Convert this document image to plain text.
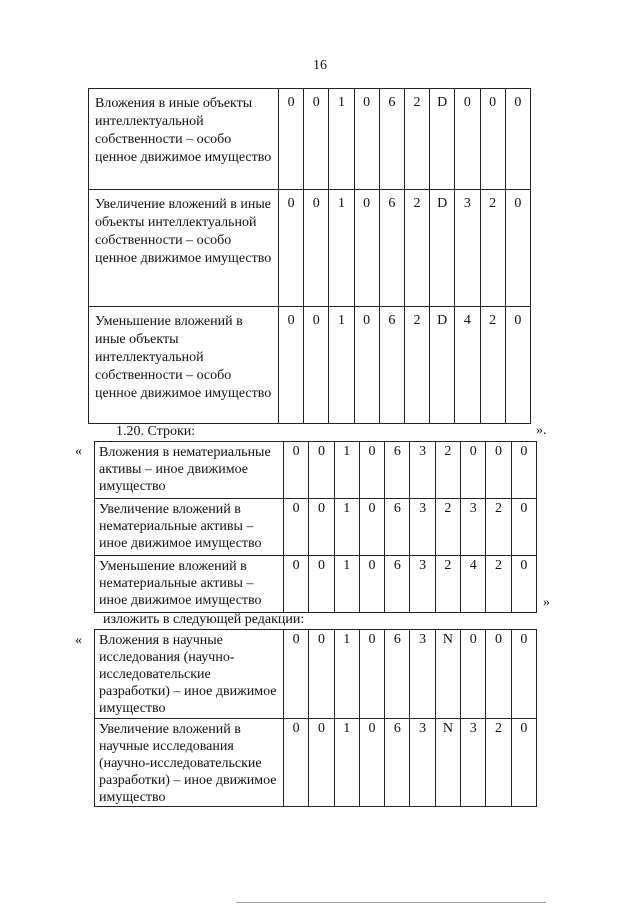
16
Вложения в иные объекты интеллектуальной собственности – особо ценное движимое имущество	0	0	1	0	6	2	D	0	0	0
Увеличение вложений в иные объекты интеллектуальной собственности – особо ценное движимое имущество	0	0	1	0	6	2	D	3	2	0
Уменьшение вложений в иные объекты интеллектуальной собственности – особо ценное движимое имущество	0	0	1	0	6	2	D	4	2	0
».
1.20. Строки:
« Вложения в нематериальные активы – иное движимое имущество	0	0	1	0	6	3	2	0	0	0
Увеличение вложений в нематериальные активы – иное движимое имущество	0	0	1	0	6	3	2	3	2	0
Уменьшение вложений в нематериальные активы – иное движимое имущество	0	0	1	0	6	3	2	4	2	0
»
изложить в следующей редакции:
« Вложения в научные исследования (научно-исследовательские разработки) – иное движимое имущество	0	0	1	0	6	3	N	0	0	0
Увеличение вложений в научные исследования (научно-исследовательские разработки) – иное движимое имущество	0	0	1	0	6	3	N	3	2	0
